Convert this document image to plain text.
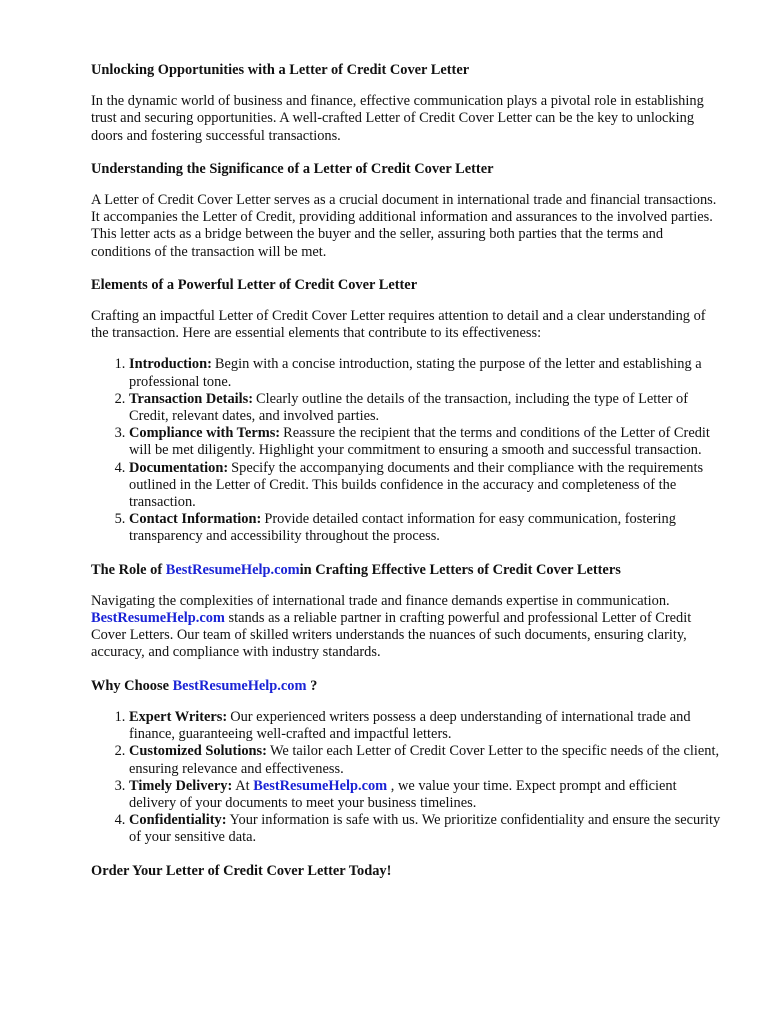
Unlocking Opportunities with a Letter of Credit Cover Letter

In the dynamic world of business and finance, effective communication plays a pivotal role in establishing trust and securing opportunities. A well-crafted Letter of Credit Cover Letter can be the key to unlocking doors and fostering successful transactions.

Understanding the Significance of a Letter of Credit Cover Letter

A Letter of Credit Cover Letter serves as a crucial document in international trade and financial transactions. It accompanies the Letter of Credit, providing additional information and assurances to the involved parties. This letter acts as a bridge between the buyer and the seller, assuring both parties that the terms and conditions of the transaction will be met.

Elements of a Powerful Letter of Credit Cover Letter

Crafting an impactful Letter of Credit Cover Letter requires attention to detail and a clear understanding of the transaction. Here are essential elements that contribute to its effectiveness:

1. Introduction: Begin with a concise introduction, stating the purpose of the letter and establishing a professional tone.
2. Transaction Details: Clearly outline the details of the transaction, including the type of Letter of Credit, relevant dates, and involved parties.
3. Compliance with Terms: Reassure the recipient that the terms and conditions of the Letter of Credit will be met diligently. Highlight your commitment to ensuring a smooth and successful transaction.
4. Documentation: Specify the accompanying documents and their compliance with the requirements outlined in the Letter of Credit. This builds confidence in the accuracy and completeness of the transaction.
5. Contact Information: Provide detailed contact information for easy communication, fostering transparency and accessibility throughout the process.
The Role of BestResumeHelp.comin Crafting Effective Letters of Credit Cover Letters

Navigating the complexities of international trade and finance demands expertise in communication. BestResumeHelp.com stands as a reliable partner in crafting powerful and professional Letter of Credit Cover Letters. Our team of skilled writers understands the nuances of such documents, ensuring clarity, accuracy, and compliance with industry standards.

Why Choose BestResumeHelp.com ?
1. Expert Writers: Our experienced writers possess a deep understanding of international trade and finance, guaranteeing well-crafted and impactful letters.
2. Customized Solutions: We tailor each Letter of Credit Cover Letter to the specific needs of the client, ensuring relevance and effectiveness.
3. Timely Delivery: At BestResumeHelp.com , we value your time. Expect prompt and efficient delivery of your documents to meet your business timelines.
4. Confidentiality: Your information is safe with us. We prioritize confidentiality and ensure the security of your sensitive data.
Order Your Letter of Credit Cover Letter Today!
